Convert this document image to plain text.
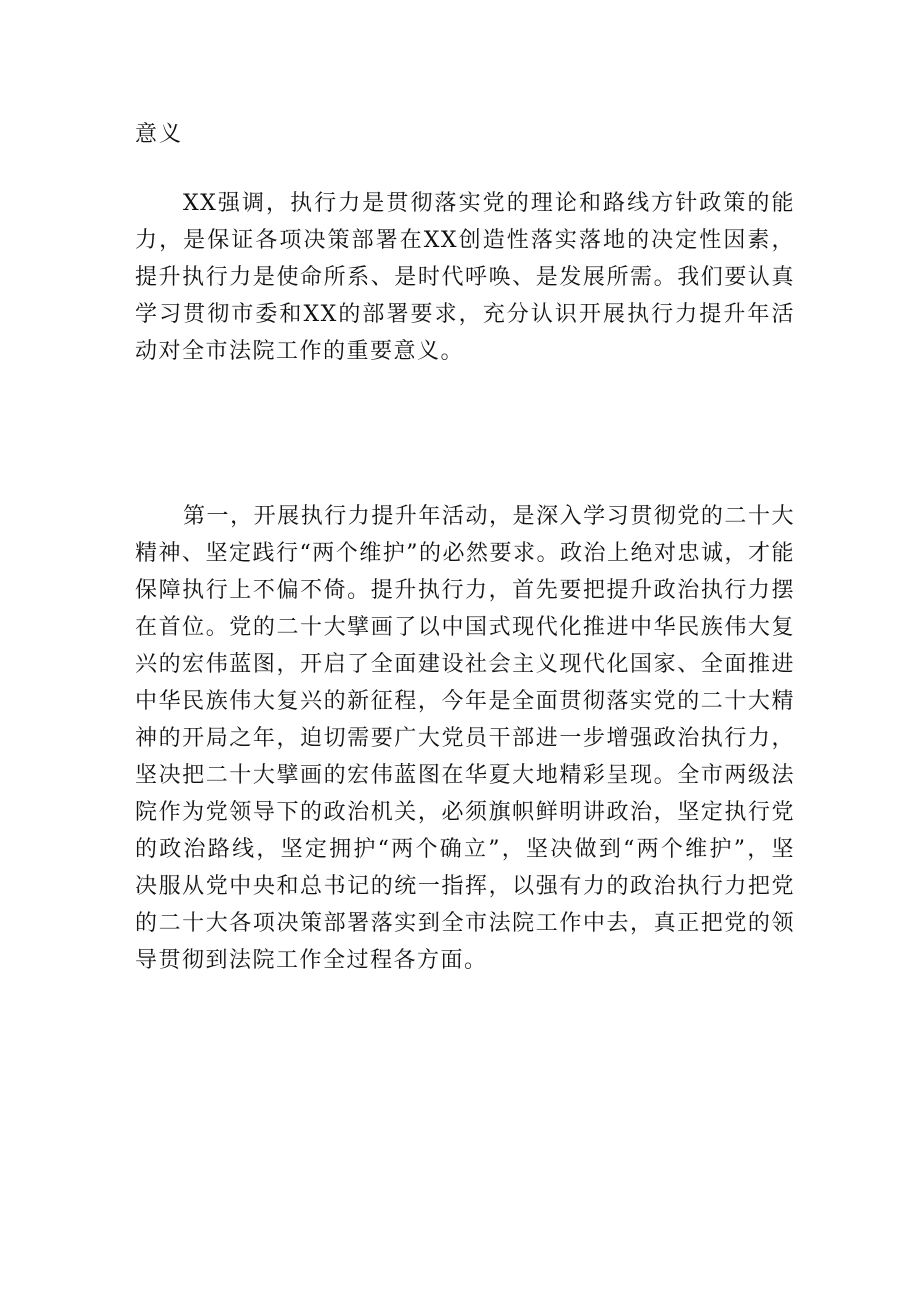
意义

XX强调，执行力是贯彻落实党的理论和路线方针政策的能力，是保证各项决策部署在XX创造性落实落地的决定性因素，提升执行力是使命所系、是时代呼唤、是发展所需。我们要认真学习贯彻市委和XX的部署要求，充分认识开展执行力提升年活动对全市法院工作的重要意义。

第一，开展执行力提升年活动，是深入学习贯彻党的二十大精神、坚定践行“两个维护”的必然要求。政治上绝对忠诚，才能保障执行上不偏不倚。提升执行力，首先要把提升政治执行力摆在首位。党的二十大擘画了以中国式现代化推进中华民族伟大复兴的宏伟蓝图，开启了全面建设社会主义现代化国家、全面推进中华民族伟大复兴的新征程，今年是全面贯彻落实党的二十大精神的开局之年，迫切需要广大党员干部进一步增强政治执行力，坚决把二十大擘画的宏伟蓝图在华夏大地精彩呈现。全市两级法院作为党领导下的政治机关，必须旗帜鲜明讲政治，坚定执行党的政治路线，坚定拥护“两个确立”，坚决做到“两个维护”，坚决服从党中央和总书记的统一指挥，以强有力的政治执行力把党的二十大各项决策部署落实到全市法院工作中去，真正把党的领导贯彻到法院工作全过程各方面。
